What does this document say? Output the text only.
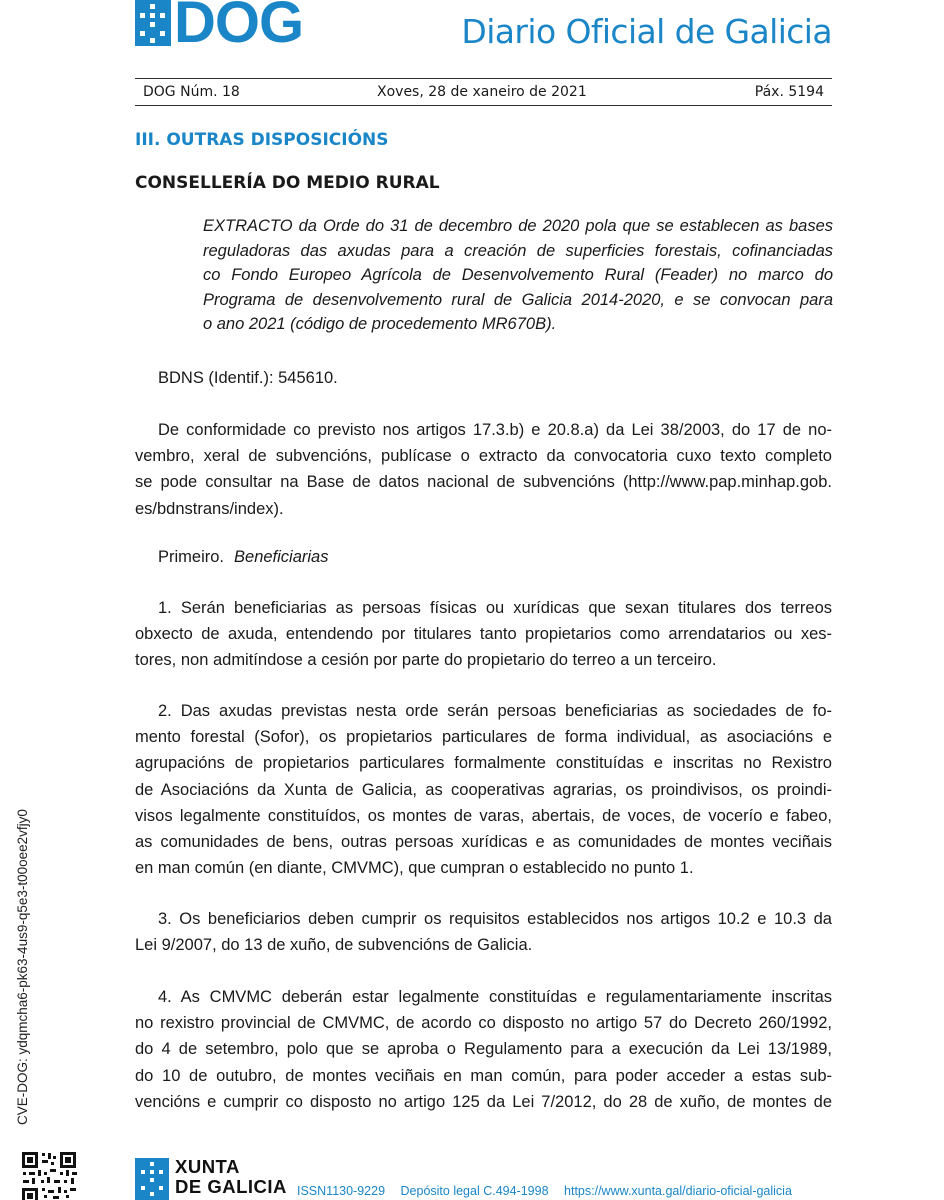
DOG	Diario Oficial de Galicia
DOG Núm. 18	Xoves, 28 de xaneiro de 2021	Páx. 5194
III. OUTRAS DISPOSICIÓNS
CONSELLERÍA DO MEDIO RURAL
EXTRACTO da Orde do 31 de decembro de 2020 pola que se establecen as bases
reguladoras das axudas para a creación de superficies forestais, cofinanciadas
co Fondo Europeo Agrícola de Desenvolvemento Rural (Feader) no marco do
Programa de desenvolvemento rural de Galicia 2014-2020, e se convocan para
o ano 2021 (código de procedemento MR670B).
BDNS (Identif.): 545610.
De conformidade co previsto nos artigos 17.3.b) e 20.8.a) da Lei 38/2003, do 17 de no-
vembro, xeral de subvencións, publícase o extracto da convocatoria cuxo texto completo
se pode consultar na Base de datos nacional de subvencións (http://www.pap.minhap.gob.
es/bdnstrans/index).
Primeiro. Beneficiarias
1. Serán beneficiarias as persoas físicas ou xurídicas que sexan titulares dos terreos
obxecto de axuda, entendendo por titulares tanto propietarios como arrendatarios ou xes-
tores, non admitíndose a cesión por parte do propietario do terreo a un terceiro.
2. Das axudas previstas nesta orde serán persoas beneficiarias as sociedades de fo-
mento forestal (Sofor), os propietarios particulares de forma individual, as asociacións e
agrupacións de propietarios particulares formalmente constituídas e inscritas no Rexistro
de Asociacións da Xunta de Galicia, as cooperativas agrarias, os proindivisos, os proindi-
visos legalmente constituídos, os montes de varas, abertais, de voces, de vocerío e fabeo,
as comunidades de bens, outras persoas xurídicas e as comunidades de montes veciñais
en man común (en diante, CMVMC), que cumpran o establecido no punto 1.
3. Os beneficiarios deben cumprir os requisitos establecidos nos artigos 10.2 e 10.3 da
Lei 9/2007, do 13 de xuño, de subvencións de Galicia.
4. As CMVMC deberán estar legalmente constituídas e regulamentariamente inscritas
no rexistro provincial de CMVMC, de acordo co disposto no artigo 57 do Decreto 260/1992,
do 4 de setembro, polo que se aproba o Regulamento para a execución da Lei 13/1989,
do 10 de outubro, de montes veciñais en man común, para poder acceder a estas sub-
vencións e cumprir co disposto no artigo 125 da Lei 7/2012, do 28 de xuño, de montes de
CVE-DOG: ydqmcha6-pk63-4us9-q5e3-t00oee2vfjy0
XUNTA
DE GALICIA ISSN1130-9229 Depósito legal C.494-1998 https://www.xunta.gal/diario-oficial-galicia
